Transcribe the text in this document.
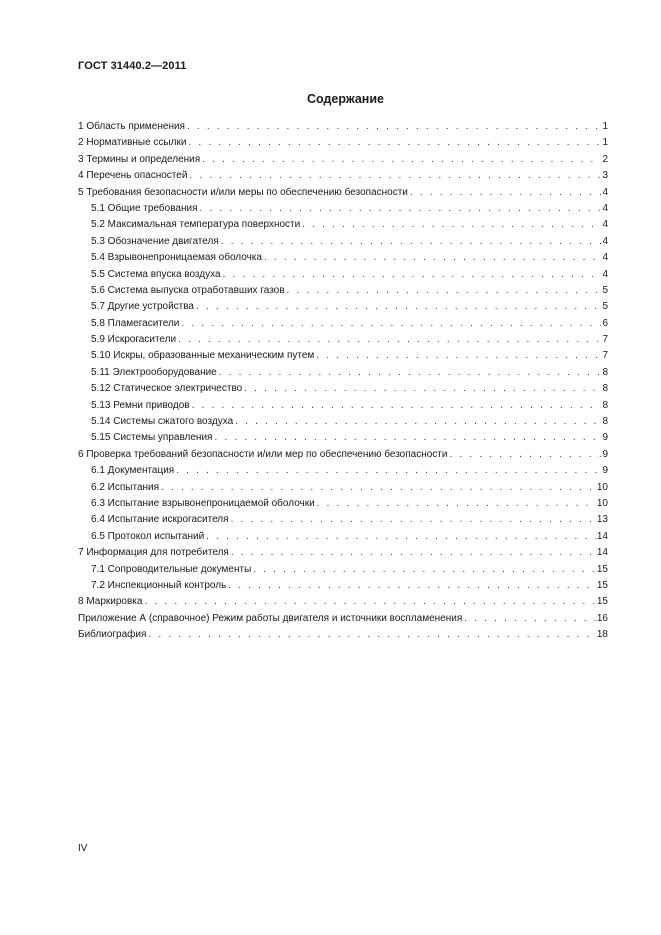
ГОСТ 31440.2—2011
Содержание
1 Область применения . . .	1
2 Нормативные ссылки . . .	1
3 Термины и определения . . .	2
4 Перечень опасностей . . .	3
5 Требования безопасности и/или меры по обеспечению безопасности . . .	4
5.1 Общие требования . . .	4
5.2 Максимальная температура поверхности . . .	4
5.3 Обозначение двигателя . . .	4
5.4 Взрывонепроницаемая оболочка . . .	4
5.5 Система впуска воздуха . . .	4
5.6 Система выпуска отработавших газов . . .	5
5.7 Другие устройства . . .	5
5.8 Пламегасители . . .	6
5.9 Искрогасители . . .	7
5.10 Искры, образованные механическим путем . . .	7
5.11 Электрооборудование . . .	8
5.12 Статическое электричество . . .	8
5.13 Ремни приводов . . .	8
5.14 Системы сжатого воздуха . . .	8
5.15 Системы управления . . .	9
6 Проверка требований безопасности и/или мер по обеспечению безопасности . . .	9
6.1 Документация . . .	9
6.2 Испытания . . .	10
6.3 Испытание взрывонепроницаемой оболочки . . .	10
6.4 Испытание искрогасителя . . .	13
6.5 Протокол испытаний . . .	14
7 Информация для потребителя . . .	14
7.1 Сопроводительные документы . . .	15
7.2 Инспекционный контроль . . .	15
8 Маркировка . . .	15
Приложение А (справочное) Режим работы двигателя и источники воспламенения . . .	16
Библиография . . .	18
IV
